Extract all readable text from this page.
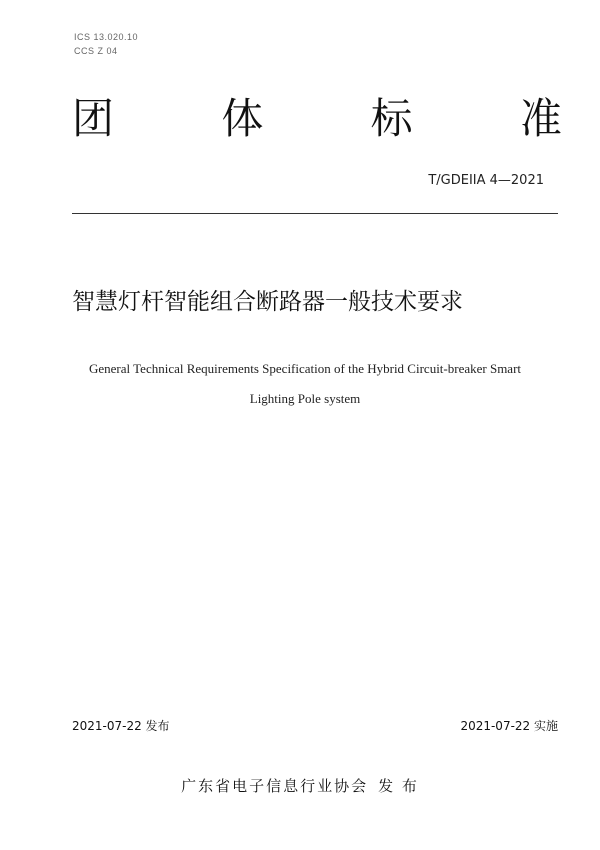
ICS 13.020.10
CCS Z 04
团	体	标	准
T/GDEIIA 4—2021
智慧灯杆智能组合断路器一般技术要求
General Technical Requirements Specification of the Hybrid Circuit-breaker Smart
Lighting Pole system
2021-07-22 发布	2021-07-22 实施
广东省电子信息行业协会 发 布
